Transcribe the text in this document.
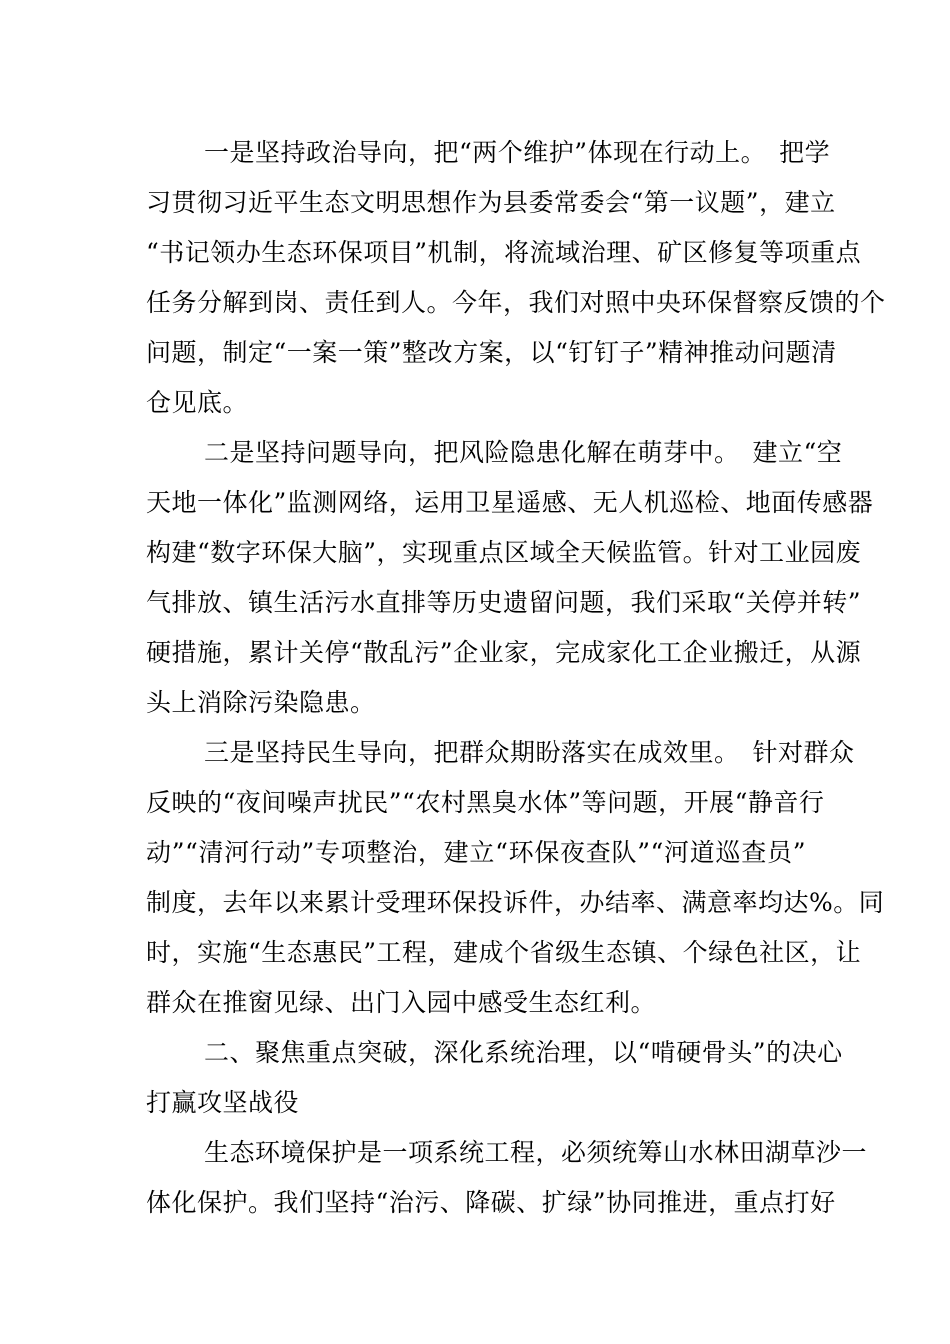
一是坚持政治导向，把“两个维护”体现在行动上。　把学
习贯彻习近平生态文明思想作为县委常委会“第一议题”，建立
“书记领办生态环保项目”机制，将流域治理、矿区修复等项重点
任务分解到岗、责任到人。今年，我们对照中央环保督察反馈的个
问题，制定“一案一策”整改方案，以“钉钉子”精神推动问题清
仓见底。
二是坚持问题导向，把风险隐患化解在萌芽中。　建立“空
天地一体化”监测网络，运用卫星遥感、无人机巡检、地面传感器
构建“数字环保大脑”，实现重点区域全天候监管。针对工业园废
气排放、镇生活污水直排等历史遗留问题，我们采取“关停并转”
硬措施，累计关停“散乱污”企业家，完成家化工企业搬迁，从源
头上消除污染隐患。
三是坚持民生导向，把群众期盼落实在成效里。　针对群众
反映的“夜间噪声扰民”“农村黑臭水体”等问题，开展“静音行
动”“清河行动”专项整治，建立“环保夜查队”“河道巡查员”
制度，去年以来累计受理环保投诉件，办结率、满意率均达%。同
时，实施“生态惠民”工程，建成个省级生态镇、个绿色社区，让
群众在推窗见绿、出门入园中感受生态红利。
二、聚焦重点突破，深化系统治理，以“啃硬骨头”的决心
打赢攻坚战役
生态环境保护是一项系统工程，必须统筹山水林田湖草沙一
体化保护。我们坚持“治污、降碳、扩绿”协同推进，重点打好
